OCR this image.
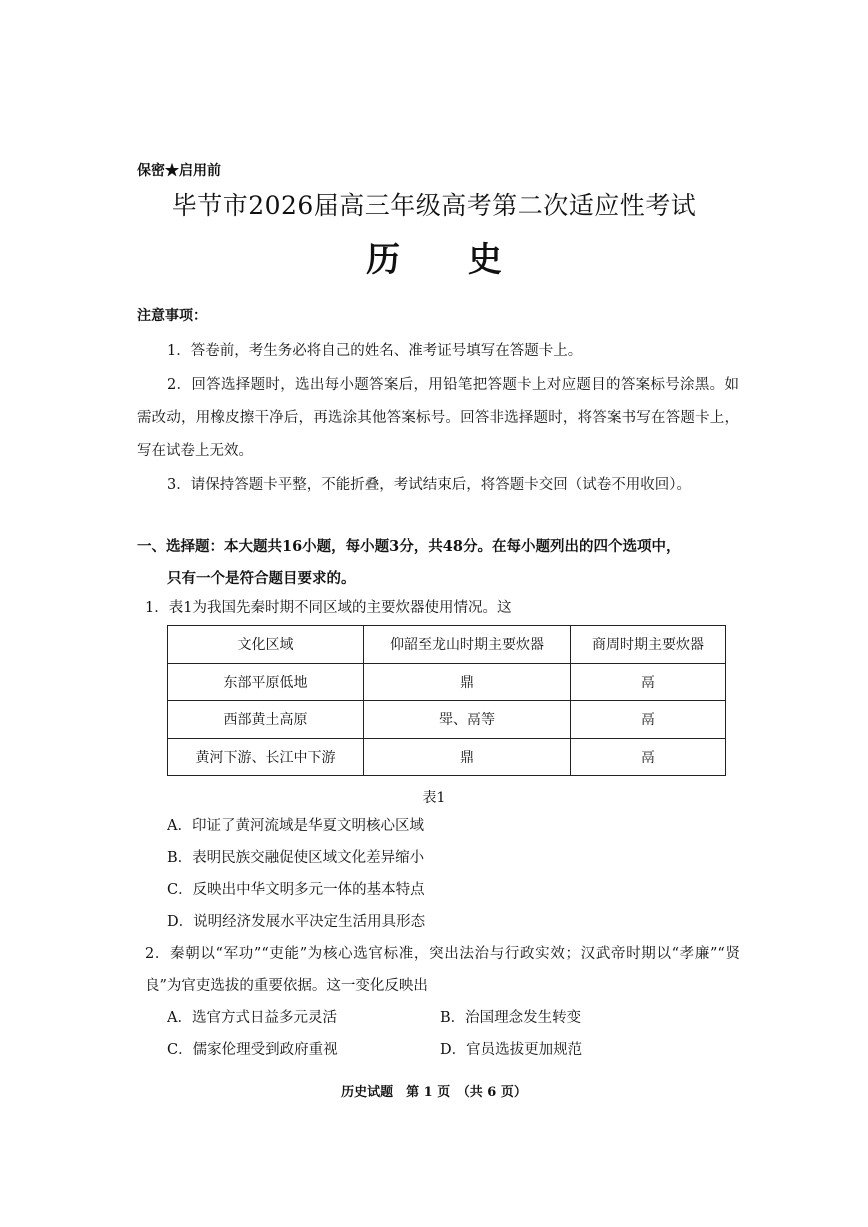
保密★启用前
毕节市2026届高三年级高考第二次适应性考试
历 史
注意事项：
1．答卷前，考生务必将自己的姓名、准考证号填写在答题卡上。
2．回答选择题时，选出每小题答案后，用铅笔把答题卡上对应题目的答案标号涂黑。如需改动，用橡皮擦干净后，再选涂其他答案标号。回答非选择题时，将答案书写在答题卡上，写在试卷上无效。
3．请保持答题卡平整，不能折叠，考试结束后，将答题卡交回（试卷不用收回）。
一、选择题：本大题共16小题，每小题3分，共48分。在每小题列出的四个选项中，
只有一个是符合题目要求的。
1．表1为我国先秦时期不同区域的主要炊器使用情况。这
文化区域	仰韶至龙山时期主要炊器	商周时期主要炊器
东部平原低地	鼎	鬲
西部黄土高原	斝、鬲等	鬲
黄河下游、长江中下游	鼎	鬲
表1
A．印证了黄河流域是华夏文明核心区域
B．表明民族交融促使区域文化差异缩小
C．反映出中华文明多元一体的基本特点
D．说明经济发展水平决定生活用具形态
2．秦朝以“军功”“吏能”为核心选官标准，突出法治与行政实效；汉武帝时期以“孝廉”“贤良”为官吏选拔的重要依据。这一变化反映出
A．选官方式日益多元灵活	B．治国理念发生转变
C．儒家伦理受到政府重视	D．官员选拔更加规范
历史试题　第 1 页　（共 6 页）
